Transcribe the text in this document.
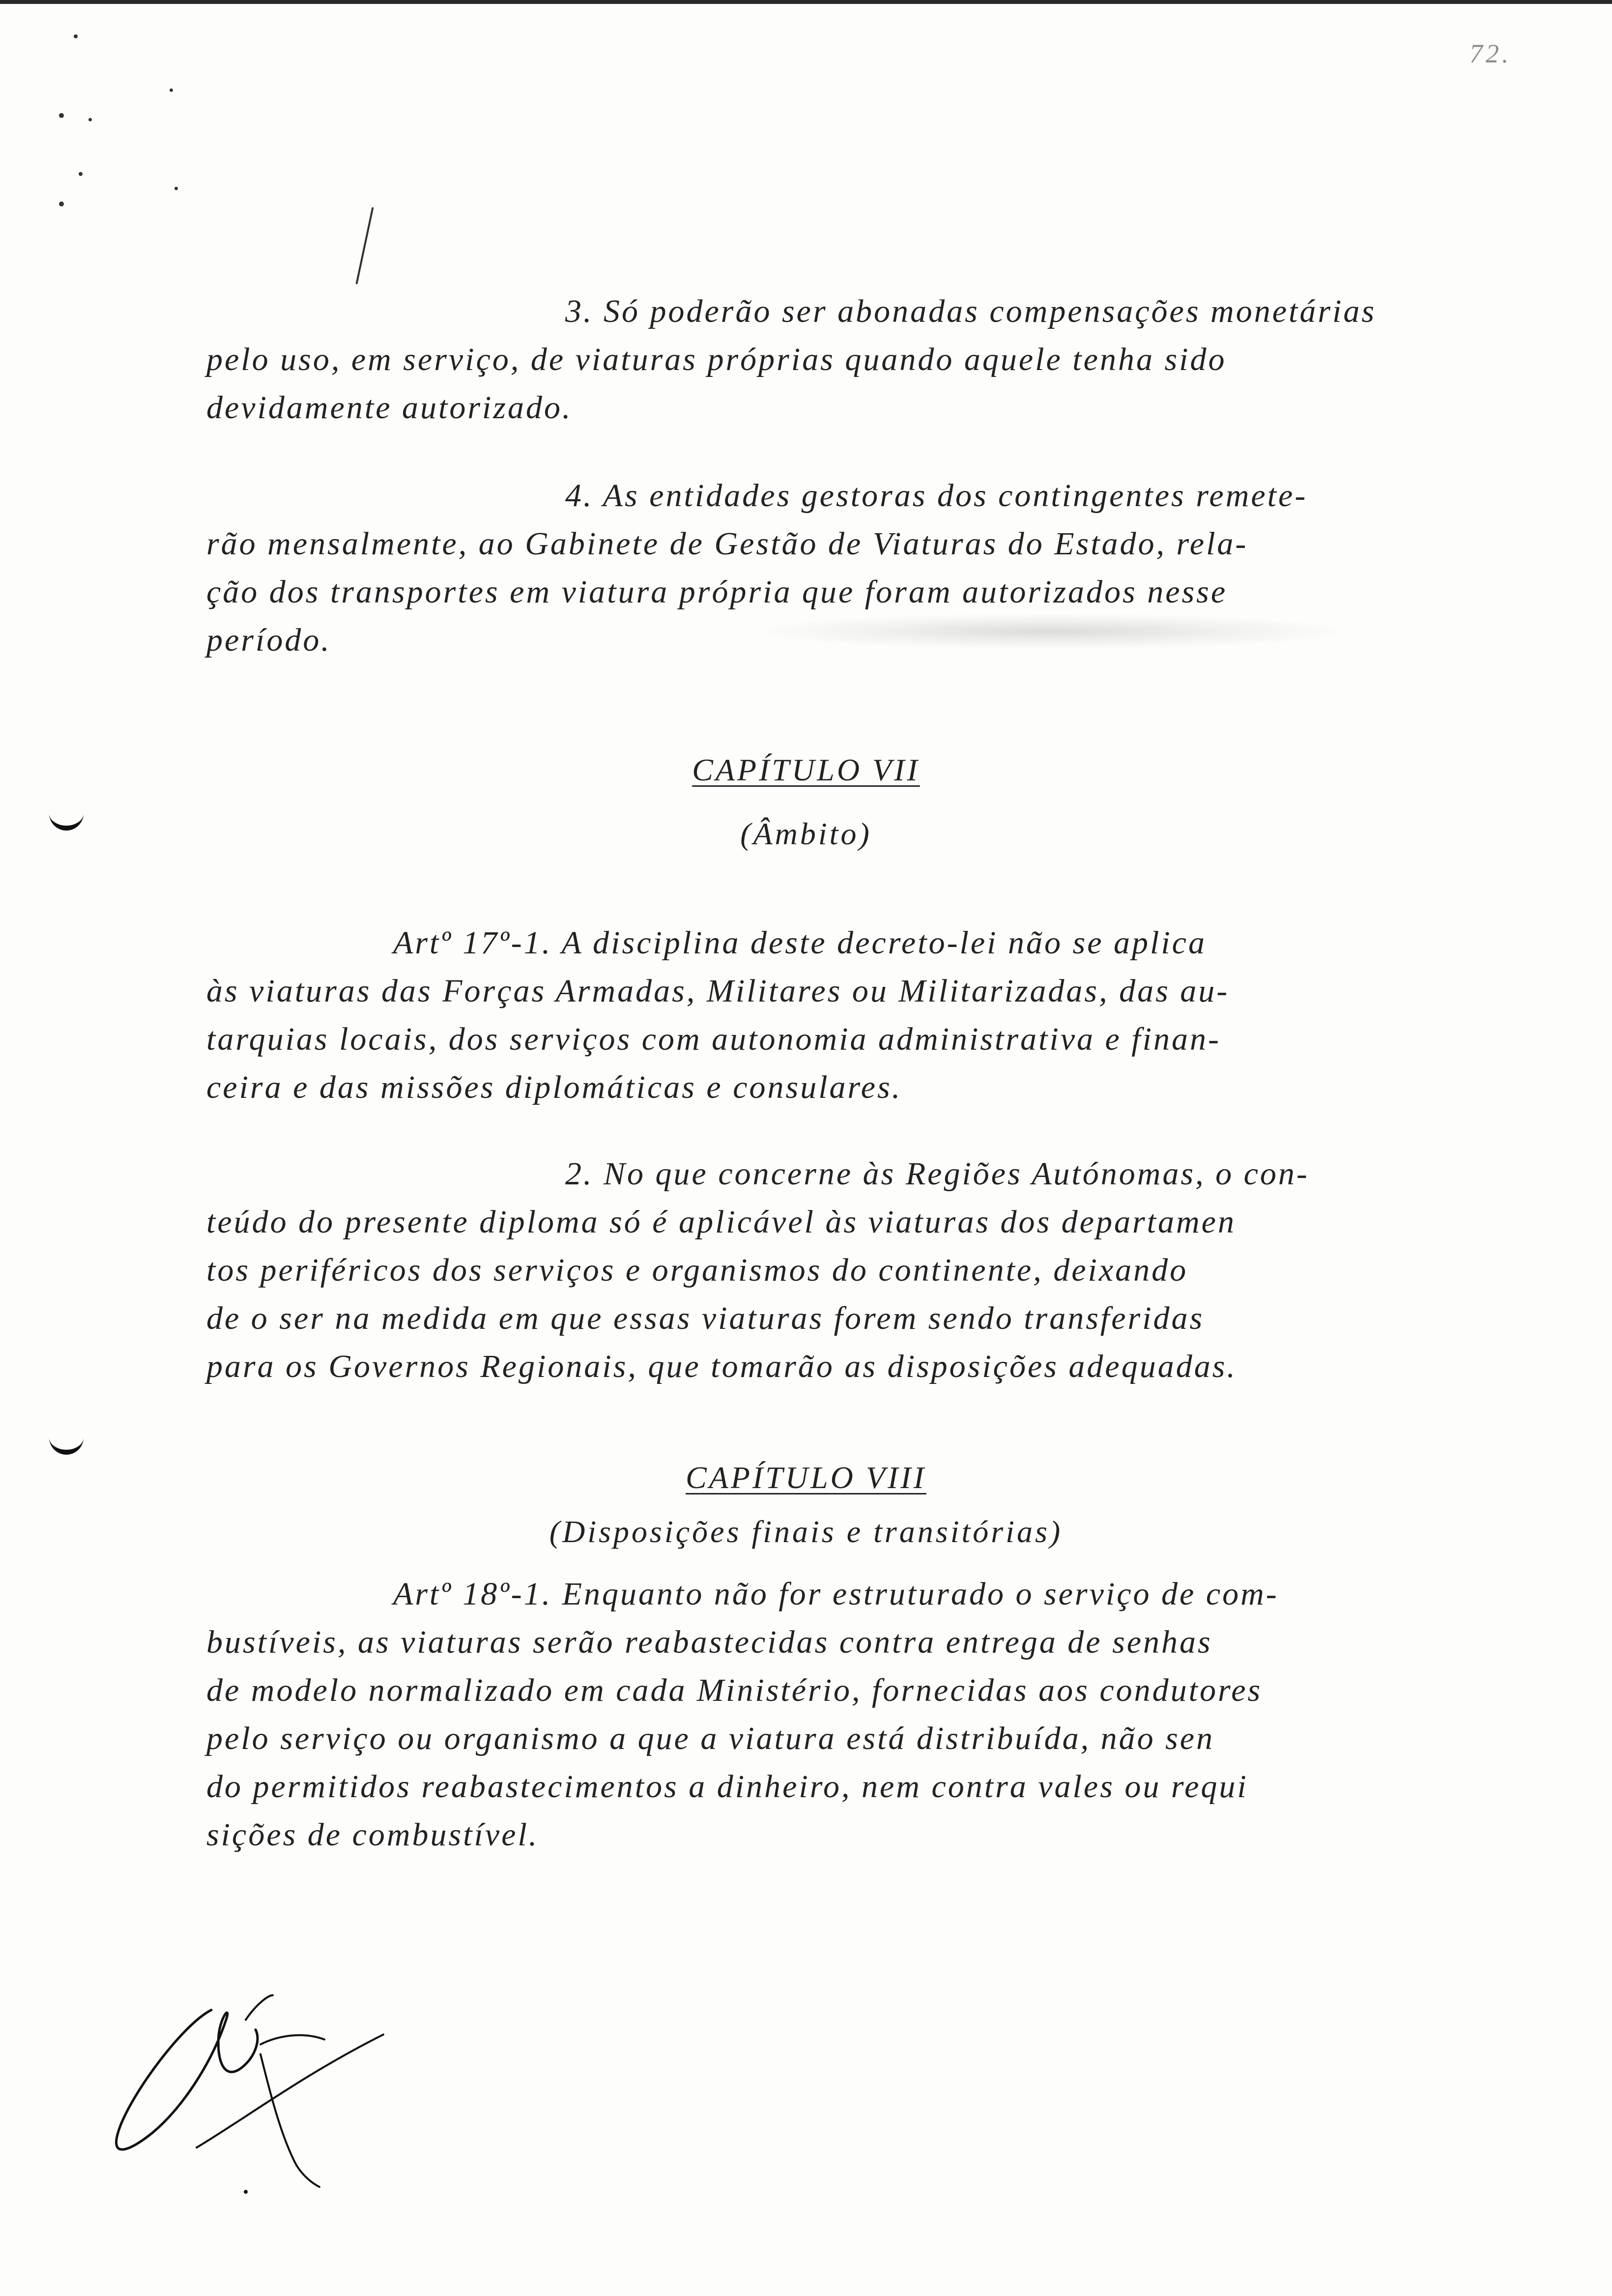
72.
3. Só poderão ser abonadas compensações monetárias
pelo uso, em serviço, de viaturas próprias quando aquele tenha sido
devidamente autorizado.
4. As entidades gestoras dos contingentes remete-
rão mensalmente, ao Gabinete de Gestão de Viaturas do Estado, rela-
ção dos transportes em viatura própria que foram autorizados nesse
período.
CAPÍTULO VII
(Âmbito)
Artº 17º-1. A disciplina deste decreto-lei não se aplica
às viaturas das Forças Armadas, Militares ou Militarizadas, das au-
tarquias locais, dos serviços com autonomia administrativa e finan-
ceira e das missões diplomáticas e consulares.
2. No que concerne às Regiões Autónomas, o con-
teúdo do presente diploma só é aplicável às viaturas dos departamen
tos periféricos dos serviços e organismos do continente, deixando
de o ser na medida em que essas viaturas forem sendo transferidas
para os Governos Regionais, que tomarão as disposições adequadas.
CAPÍTULO VIII
(Disposições finais e transitórias)
Artº 18º-1. Enquanto não for estruturado o serviço de com-
bustíveis, as viaturas serão reabastecidas contra entrega de senhas
de modelo normalizado em cada Ministério, fornecidas aos condutores
pelo serviço ou organismo a que a viatura está distribuída, não sen
do permitidos reabastecimentos a dinheiro, nem contra vales ou requi
sições de combustível.
